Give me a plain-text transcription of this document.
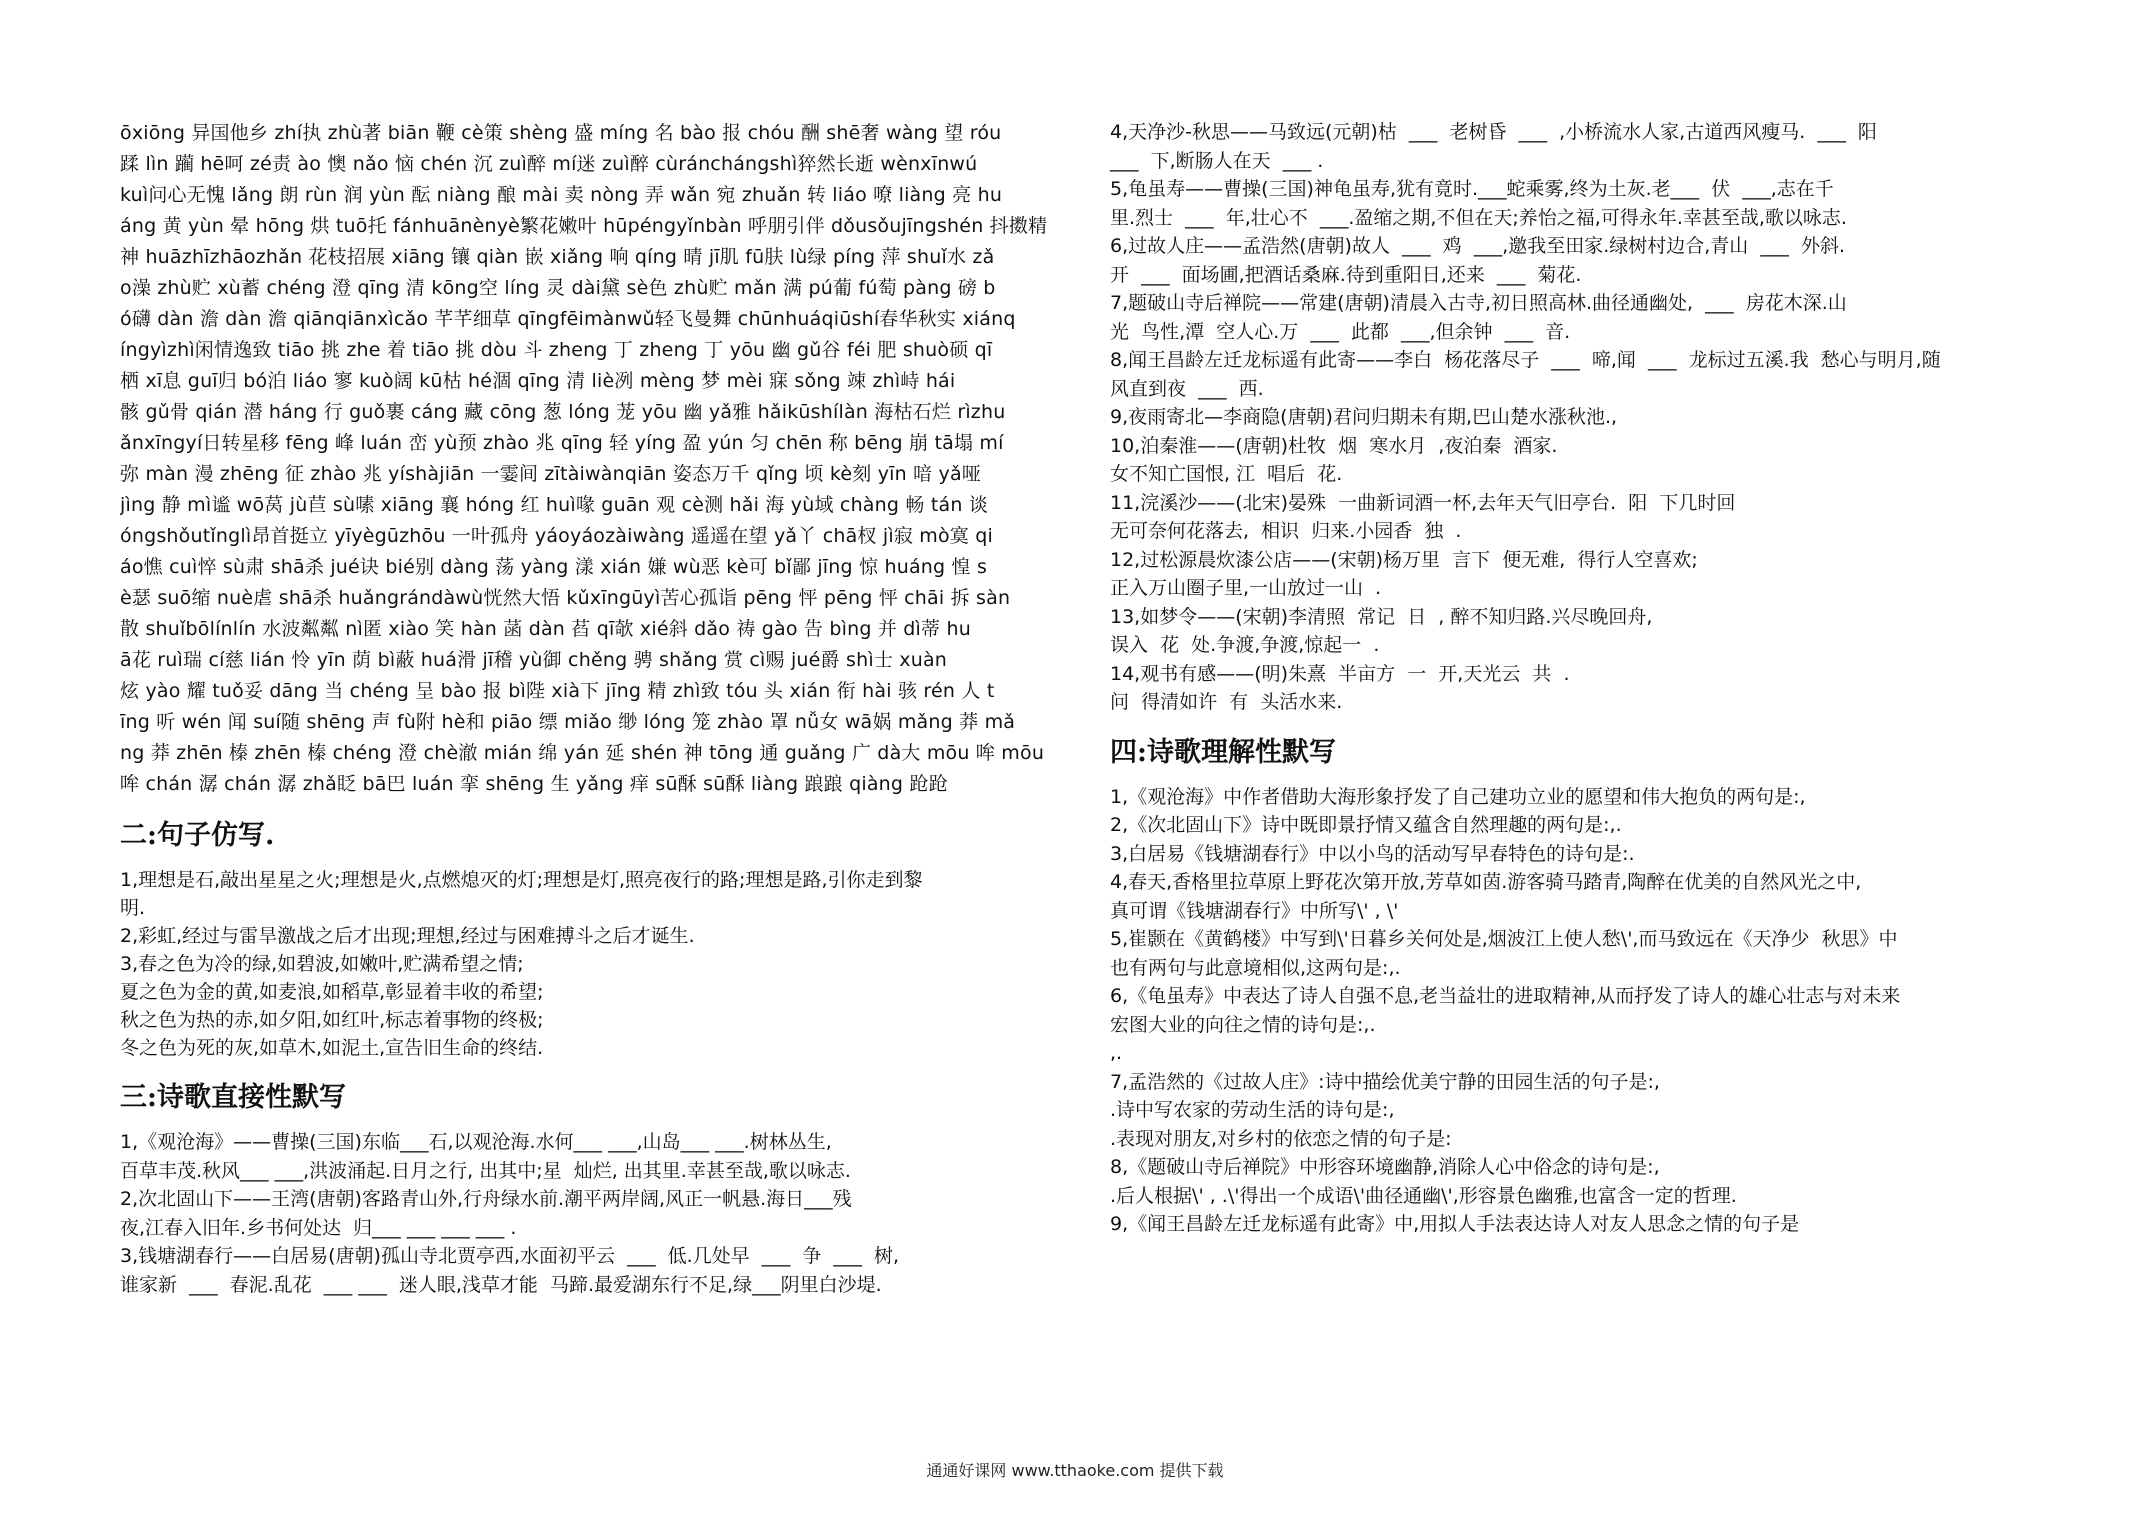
ōxiōng 异国他乡 zhí执 zhù著 biān 鞭 cè策 shèng 盛 míng 名 bào 报 chóu 酬 shē奢 wàng 望 róu
蹂 lìn 躏 hē呵 zé责 ào 懊 nǎo 恼 chén 沉 zuì醉 mí迷 zuì醉 cùránchángshì猝然长逝 wènxīnwú
kuì问心无愧 lǎng 朗 rùn 润 yùn 酝 niàng 酿 mài 卖 nòng 弄 wǎn 宛 zhuǎn 转 liáo 嘹 liàng 亮 hu
áng 黄 yùn 晕 hōng 烘 tuō托 fánhuānènyè繁花嫩叶 hūpéngyǐnbàn 呼朋引伴 dǒusǒujīngshén 抖擞精
神 huāzhīzhāozhǎn 花枝招展 xiāng 镶 qiàn 嵌 xiǎng 响 qíng 晴 jī肌 fū肤 lù绿 píng 萍 shuǐ水 zǎ
o澡 zhù贮 xù蓄 chéng 澄 qīng 清 kōng空 líng 灵 dài黛 sè色 zhù贮 mǎn 满 pú葡 fú萄 pàng 磅 b
ó礴 dàn 澹 dàn 澹 qiānqiānxìcǎo 芊芊细草 qīngfēimànwǔ轻飞曼舞 chūnhuáqiūshí春华秋实 xiánq
íngyìzhì闲情逸致 tiāo 挑 zhe 着 tiāo 挑 dòu 斗 zheng 丁 zheng 丁 yōu 幽 gǔ谷 féi 肥 shuò硕 qī
栖 xī息 guī归 bó泊 liáo 寥 kuò阔 kū枯 hé涸 qīng 清 liè冽 mèng 梦 mèi 寐 sǒng 竦 zhì峙 hái
骸 gǔ骨 qián 潜 háng 行 guǒ裹 cáng 藏 cōng 葱 lóng 茏 yōu 幽 yǎ雅 hǎikūshílàn 海枯石烂 rìzhu
ǎnxīngyí日转星移 fēng 峰 luán 峦 yù预 zhào 兆 qīng 轻 yíng 盈 yún 匀 chēn 称 bēng 崩 tā塌 mí
弥 màn 漫 zhēng 征 zhào 兆 yíshàjiān 一霎间 zītàiwànqiān 姿态万千 qǐng 顷 kè刻 yīn 喑 yǎ哑
jìng 静 mì谧 wō莴 jù苣 sù嗉 xiāng 襄 hóng 红 huì喙 guān 观 cè测 hǎi 海 yù域 chàng 畅 tán 谈
óngshǒutǐnglì昂首挺立 yīyègūzhōu 一叶孤舟 yáoyáozàiwàng 遥遥在望 yǎ丫 chā杈 jì寂 mò寞 qi
áo憔 cuì悴 sù肃 shā杀 jué诀 bié别 dàng 荡 yàng 漾 xián 嫌 wù恶 kè可 bǐ鄙 jīng 惊 huáng 惶 s
è瑟 suō缩 nuè虐 shā杀 huǎngrándàwù恍然大悟 kǔxīngūyì苦心孤诣 pēng 怦 pēng 怦 chāi 拆 sàn
散 shuǐbōlínlín 水波粼粼 nì匿 xiào 笑 hàn 菡 dàn 萏 qī欹 xié斜 dǎo 祷 gào 告 bìng 并 dì蒂 hu
ā花 ruì瑞 cí慈 lián 怜 yīn 荫 bì蔽 huá滑 jī稽 yù御 chěng 骋 shǎng 赏 cì赐 jué爵 shì士 xuàn
炫 yào 耀 tuǒ妥 dāng 当 chéng 呈 bào 报 bì陛 xià下 jīng 精 zhì致 tóu 头 xián 衔 hài 骇 rén 人 t
īng 听 wén 闻 suí随 shēng 声 fù附 hè和 piāo 缥 miǎo 缈 lóng 笼 zhào 罩 nǚ女 wā娲 mǎng 莽 mǎ
ng 莽 zhēn 榛 zhēn 榛 chéng 澄 chè澈 mián 绵 yán 延 shén 神 tōng 通 guǎng 广 dà大 mōu 哞 mōu
哞 chán 潺 chán 潺 zhǎ眨 bā巴 luán 挛 shēng 生 yǎng 痒 sū酥 sū酥 liàng 踉踉 qiàng 跄跄
二:句子仿写.
1,理想是石,敲出星星之火;理想是火,点燃熄灭的灯;理想是灯,照亮夜行的路;理想是路,引你走到黎
明.
2,彩虹,经过与雷旱激战之后才出现;理想,经过与困难搏斗之后才诞生.
3,春之色为冷的绿,如碧波,如嫩叶,贮满希望之情;
夏之色为金的黄,如麦浪,如稻草,彰显着丰收的希望;
秋之色为热的赤,如夕阳,如红叶,标志着事物的终极;
冬之色为死的灰,如草木,如泥土,宣告旧生命的终结.
三:诗歌直接性默写
1,《观沧海》——曹操(三国)东临___石,以观沧海.水何___ ___,山岛___ ___.树林丛生,
百草丰茂.秋风___ ___,洪波涌起.日月之行, 出其中;星  灿烂, 出其里.幸甚至哉,歌以咏志.
2,次北固山下——王湾(唐朝)客路青山外,行舟绿水前.潮平两岸阔,风正一帆悬.海日___残
夜,江春入旧年.乡书何处达  归___ ___ ___ ___ .
3,钱塘湖春行——白居易(唐朝)孤山寺北贾亭西,水面初平云  ___  低.几处早  ___  争  ___  树,
谁家新  ___  春泥.乱花  ___ ___  迷人眼,浅草才能  马蹄.最爱湖东行不足,绿___阴里白沙堤.
4,天净沙-秋思——马致远(元朝)枯  ___  老树昏  ___  ,小桥流水人家,古道西风瘦马.  ___  阳
___  下,断肠人在天  ___ .
5,龟虽寿——曹操(三国)神龟虽寿,犹有竟时.___蛇乘雾,终为土灰.老___  伏  ___,志在千
里.烈士  ___  年,壮心不  ___.盈缩之期,不但在天;养怡之福,可得永年.幸甚至哉,歌以咏志.
6,过故人庄——孟浩然(唐朝)故人  ___  鸡  ___,邀我至田家.绿树村边合,青山  ___  外斜.
开  ___  面场圃,把酒话桑麻.待到重阳日,还来  ___  菊花.
7,题破山寺后禅院——常建(唐朝)清晨入古寺,初日照高林.曲径通幽处,  ___  房花木深.山
光  鸟性,潭  空人心.万  ___  此都  ___,但余钟  ___  音.
8,闻王昌龄左迁龙标遥有此寄——李白  杨花落尽子  ___  啼,闻  ___  龙标过五溪.我  愁心与明月,随
风直到夜  ___  西.
9,夜雨寄北—李商隐(唐朝)君问归期未有期,巴山楚水涨秋池.,
10,泊秦淮——(唐朝)杜牧  烟  寒水月  ,夜泊秦  酒家.
女不知亡国恨, 江  唱后  花.
11,浣溪沙——(北宋)晏殊  一曲新词酒一杯,去年天气旧亭台.  阳  下几时回
无可奈何花落去,  相识  归来.小园香  独  .
12,过松源晨炊漆公店——(宋朝)杨万里  言下  便无难,  得行人空喜欢;
正入万山圈子里,一山放过一山  .
13,如梦令——(宋朝)李清照  常记  日  , 醉不知归路.兴尽晚回舟,
误入  花  处.争渡,争渡,惊起一  .
14,观书有感——(明)朱熹  半亩方  一  开,天光云  共  .
问  得清如许  有  头活水来.
四:诗歌理解性默写
1,《观沧海》中作者借助大海形象抒发了自己建功立业的愿望和伟大抱负的两句是:,
2,《次北固山下》诗中既即景抒情又蕴含自然理趣的两句是:,.
3,白居易《钱塘湖春行》中以小鸟的活动写早春特色的诗句是:.
4,春天,香格里拉草原上野花次第开放,芳草如茵.游客骑马踏青,陶醉在优美的自然风光之中,
真可谓《钱塘湖春行》中所写\' , \'
5,崔颢在《黄鹤楼》中写到\'日暮乡关何处是,烟波江上使人愁\',而马致远在《天净少  秋思》中
也有两句与此意境相似,这两句是:,.
6,《龟虽寿》中表达了诗人自强不息,老当益壮的进取精神,从而抒发了诗人的雄心壮志与对未来
宏图大业的向往之情的诗句是:,.
,.
7,孟浩然的《过故人庄》:诗中描绘优美宁静的田园生活的句子是:,
.诗中写农家的劳动生活的诗句是:,
.表现对朋友,对乡村的依恋之情的句子是:
8,《题破山寺后禅院》中形容环境幽静,消除人心中俗念的诗句是:,
.后人根据\' , .\'得出一个成语\'曲径通幽\',形容景色幽雅,也富含一定的哲理.
9,《闻王昌龄左迁龙标遥有此寄》中,用拟人手法表达诗人对友人思念之情的句子是
通通好课网 www.tthaoke.com 提供下载
